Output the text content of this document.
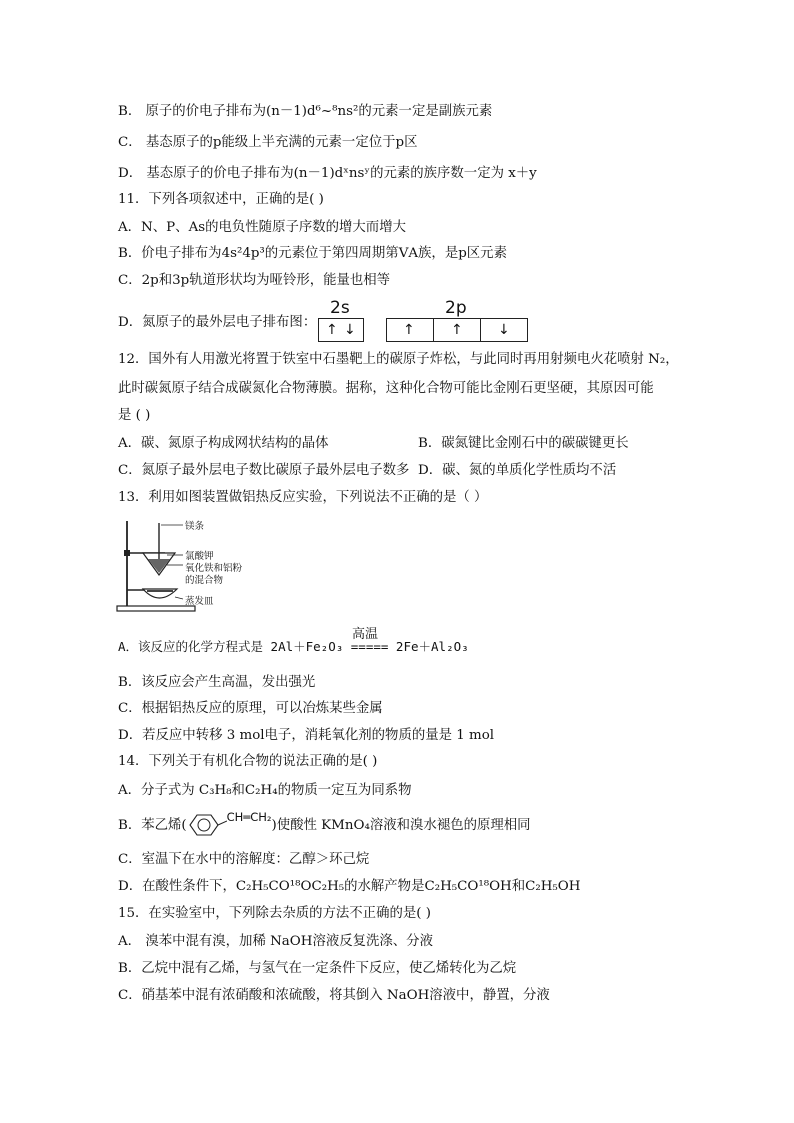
B． 原子的价电子排布为(n－1)d⁶~⁸ns²的元素一定是副族元素
C． 基态原子的p能级上半充满的元素一定位于p区
D． 基态原子的价电子排布为(n－1)dˣnsʸ的元素的族序数一定为 x＋y
11．下列各项叙述中，正确的是( )
A．N、P、As的电负性随原子序数的增大而增大
B．价电子排布为4s²4p³的元素位于第四周期第ⅤA族，是p区元素
C．2p和3p轨道形状均为哑铃形，能量也相等
D．氮原子的最外层电子排布图：
2s	2p
↑ ↓	↑	↑	↓
12．国外有人用激光将置于铁室中石墨靶上的碳原子炸松，与此同时再用射频电火花喷射 N₂，
此时碳氮原子结合成碳氮化合物薄膜。据称，这种化合物可能比金刚石更坚硬，其原因可能
是 ( )
A．碳、氮原子构成网状结构的晶体	B．碳氮键比金刚石中的碳碳键更长
C．氮原子最外层电子数比碳原子最外层电子数多 D．碳、氮的单质化学性质均不活
13．利用如图装置做铝热反应实验，下列说法不正确的是（ ）
镁条
氯酸钾
氧化铁和铝粉
的混合物
蒸发皿
高温
A．该反应的化学方程式是 2Al＋Fe₂O₃ ===== 2Fe＋Al₂O₃
B．该反应会产生高温，发出强光
C．根据铝热反应的原理，可以冶炼某些金属
D．若反应中转移 3 mol电子，消耗氧化剂的物质的量是 1 mol
14．下列关于有机化合物的说法正确的是( )
A．分子式为 C₃H₈和C₂H₄的物质一定互为同系物
B．苯乙烯(
CH═CH₂)使酸性 KMnO₄溶液和溴水褪色的原理相同
C．室温下在水中的溶解度：乙醇＞环己烷
D．在酸性条件下，C₂H₅CO¹⁸OC₂H₅的水解产物是C₂H₅CO¹⁸OH和C₂H₅OH
15．在实验室中，下列除去杂质的方法不正确的是( )
A． 溴苯中混有溴，加稀 NaOH溶液反复洗涤、分液
B．乙烷中混有乙烯，与氢气在一定条件下反应，使乙烯转化为乙烷
C．硝基苯中混有浓硝酸和浓硫酸，将其倒入 NaOH溶液中，静置，分液
